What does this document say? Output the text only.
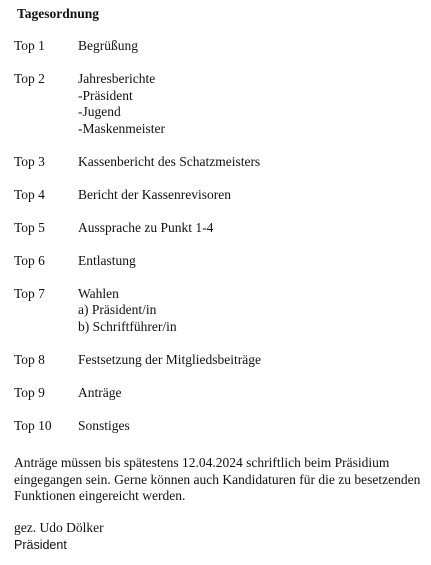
Tagesordnung
Top 1	Begrüßung
Top 2	Jahresberichte
-Präsident
-Jugend
-Maskenmeister
Top 3	Kassenbericht des Schatzmeisters
Top 4	Bericht der Kassenrevisoren
Top 5	Aussprache zu Punkt 1-4
Top 6	Entlastung
Top 7	Wahlen
a) Präsident/in
b) Schriftführer/in
Top 8	Festsetzung der Mitgliedsbeiträge
Top 9	Anträge
Top 10	Sonstiges
Anträge müssen bis spätestens 12.04.2024 schriftlich beim Präsidium eingegangen sein. Gerne können auch Kandidaturen für die zu besetzenden Funktionen eingereicht werden.
gez. Udo Dölker
Präsident
